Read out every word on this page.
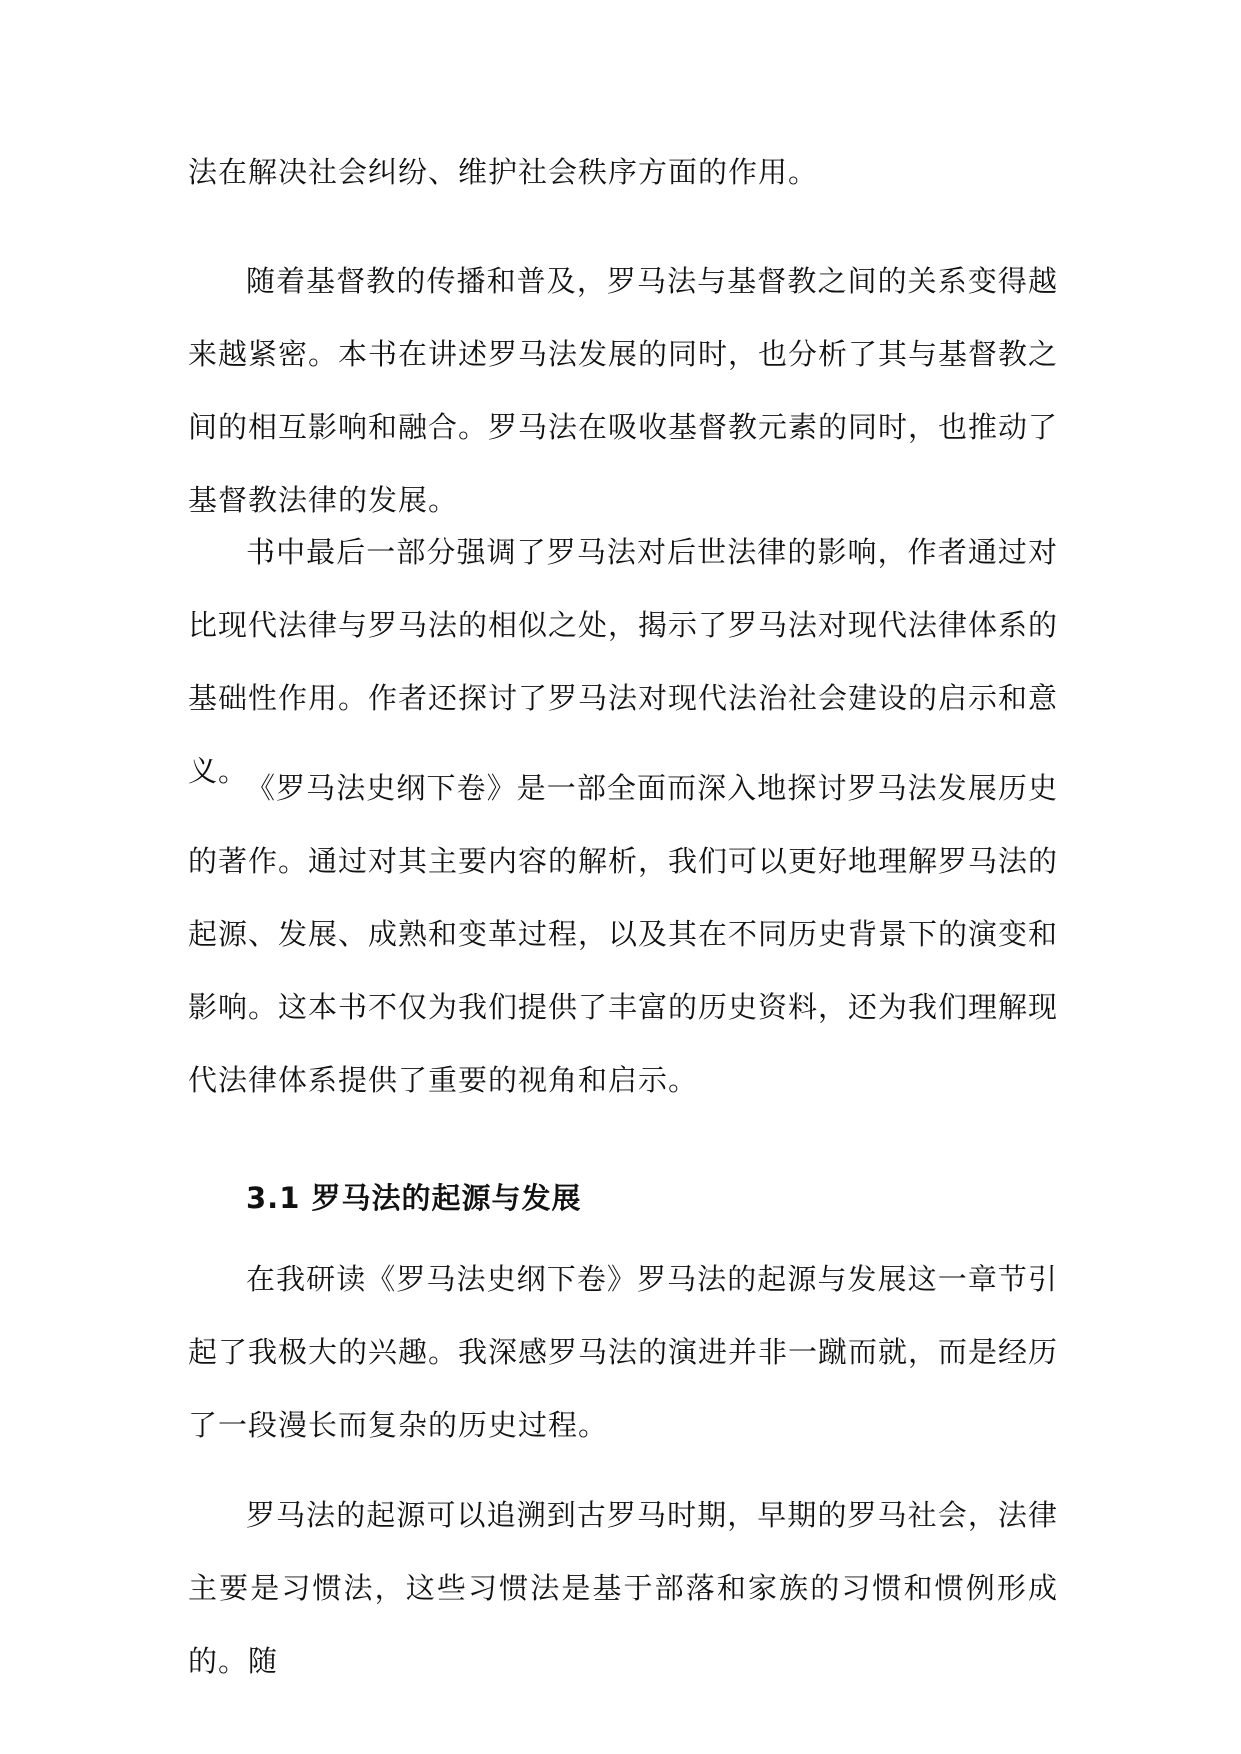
法在解决社会纠纷、维护社会秩序方面的作用。

随着基督教的传播和普及，罗马法与基督教之间的关系变得越来越紧密。本书在讲述罗马法发展的同时，也分析了其与基督教之间的相互影响和融合。罗马法在吸收基督教元素的同时，也推动了基督教法律的发展。

书中最后一部分强调了罗马法对后世法律的影响，作者通过对比现代法律与罗马法的相似之处，揭示了罗马法对现代法律体系的基础性作用。作者还探讨了罗马法对现代法治社会建设的启示和意义。

《罗马法史纲下卷》是一部全面而深入地探讨罗马法发展历史的著作。通过对其主要内容的解析，我们可以更好地理解罗马法的起源、发展、成熟和变革过程，以及其在不同历史背景下的演变和影响。这本书不仅为我们提供了丰富的历史资料，还为我们理解现代法律体系提供了重要的视角和启示。

3.1 罗马法的起源与发展

在我研读《罗马法史纲下卷》罗马法的起源与发展这一章节引起了我极大的兴趣。我深感罗马法的演进并非一蹴而就，而是经历了一段漫长而复杂的历史过程。

罗马法的起源可以追溯到古罗马时期，早期的罗马社会，法律主要是习惯法，这些习惯法是基于部落和家族的习惯和惯例形成的。随
